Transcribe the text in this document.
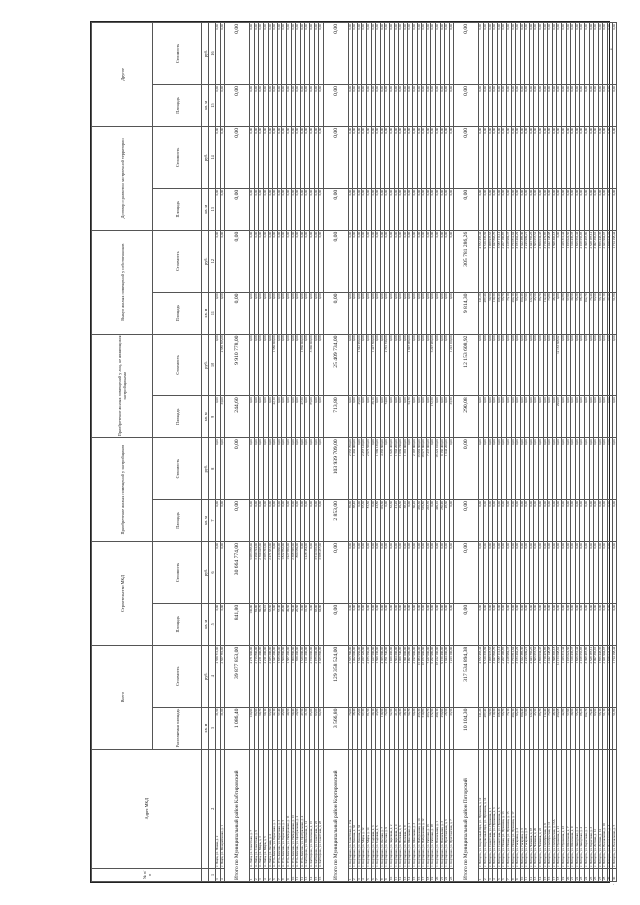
№ п/п	Адрес МКД	Всего		Строительство МКД		Приобретение жилых помещений у застройщиков		Приобретение жилых помещений у лиц, не являющихся застройщиками		Выкуп жилых помещений у собственников		Договор о развитии застроенной территории		Другое
		Расселяемая площадь	Стоимость	Площадь	Стоимость	Площадь	Стоимость	Площадь	Стоимость	Площадь	Стоимость	Площадь	Стоимость	Площадь	Стоимость
		кв. м	руб.	кв. м	руб.	кв. м	руб.	кв. м	руб.	кв. м	руб.	кв. м	руб.	кв. м	руб.
1	2	3	4	5	6	7	8	9	10	11	12	13	14	15	16
3	г. Пщёв, ул. Новая, д. 2	31,60	2 569 711,00	0,00	0,00	0,00	0,00	0,00	0,00	0,00	0,00	0,00	0,00	0,00	0,00
4	г. Пщёв, ул. Межрайонная, д. 1	31,00	2 567 781,00	0,00	0,00	0,00	0,00	33,00	2 686 565,00	0,00	0,00	0,00	0,00	0,00	0,00
Итого по Муниципальный район Кабтировский		1 086,40	39 877 853,00	841,80	30 664 774,00	0,00	0,00	244,60	9 910 778,00	0,00	0,00	0,00	0,00	0,00	0,00
1	п. Липа, ул. Советская, д. 7	130,90	4 271 900,00	130,90	5 083 858,00	0,00	0,00	0,00	0,00	0,00	0,00	0,00	0,00	0,00	0,00
2	п. Липа, ул. Советская, д. 9	84,90	2 716 800,00	84,90	3 299 724,00	0,00	0,00	0,00	0,00	0,00	0,00	0,00	0,00	0,00	0,00
3	п. Липа, ул. Мира, д. 3	69,70	2 231 200,00	69,70	2 709 028,00	0,00	0,00	0,00	0,00	0,00	0,00	0,00	0,00	0,00	0,00
4	п. Липа, ул. Мира, д. 5	69,10	2 211 200,00	69,10	2 685 701,00	0,00	0,00	0,00	0,00	0,00	0,00	0,00	0,00	0,00	0,00
5	п. Липа, ул. Лесная, д. 4	63,60	2 035 200,00	63,60	2 471 931,00	0,00	0,00	0,00	0,00	0,00	0,00	0,00	0,00	0,00	0,00
6	п. Усть-Кемчик, ул. Береговая, д. 1	42,10	1 347 200,00	0,00	0,00	0,00	0,00	42,10	1 580 000,00	0,00	0,00	0,00	0,00	0,00	0,00
7	п. Усть-Кемчик, ул. Береговая, д. 3	57,40	1 836 800,00	57,40	2 230 960,00	0,00	0,00	0,00	0,00	0,00	0,00	0,00	0,00	0,00	0,00
8	п. Усть-Кемчик, ул. Береговая, д. 5	46,90	1 500 800,00	46,90	1 822 862,00	0,00	0,00	0,00	0,00	0,00	0,00	0,00	0,00	0,00	0,00
9	п. Усть-Кемчик, ул. Набережная, д. 11	49,60	1 587 200,00	49,60	1 927 805,00	0,00	0,00	0,00	0,00	0,00	0,00	0,00	0,00	0,00	0,00
10	п. Усть-Кемчик, ул. Набережная, д. 13	59,40	1 900 800,00	59,40	2 308 696,00	0,00	0,00	0,00	0,00	0,00	0,00	0,00	0,00	0,00	0,00
11	п. Усть-Кемчик, ул. Центральная, д. 2	20,60	659 200,00	20,60	800 659,00	0,00	0,00	0,00	0,00	0,00	0,00	0,00	0,00	0,00	0,00
12	п. Усть-Кемчик, ул. Центральная, д. 4	47,50	1 520 000,00	0,00	0,00	0,00	0,00	47,50	1 860 000,00	0,00	0,00	0,00	0,00	0,00	0,00
13	п. Кабтирово, ул. Школьная, д. 14	31,60	1 011 200,00	31,60	1 228 184,00	0,00	0,00	0,00	0,00	0,00	0,00	0,00	0,00	0,00	0,00
14	п. Кабтирово, ул. Школьная, д. 16	85,00	2 720 000,00	0,00	0,00	0,00	0,00	85,00	3 300 000,00	0,00	0,00	0,00	0,00	0,00	0,00
15	п. Кабтирово, ул. Советская, д. 26	93,00	2 976 000,00	93,00	3 614 610,00	0,00	0,00	0,00	0,00	0,00	0,00	0,00	0,00	0,00	0,00
16	п. Кабтирово, ул. Советская, д. 28	94,90	3 036 800,00	94,90	3 688 457,00	0,00	0,00	0,00	0,00	0,00	0,00	0,00	0,00	0,00	0,00
Итого по Муниципальный район Кортировский		3 566,80	129 358 524,00	0,00	0,00	2 853,00	103 939 709,00	713,80	25 409 734,00	0,00	0,00	0,00	0,00	0,00	0,00
1	с. Кортирово, ул. Советская, д. 15а	70,00	2 555 700,00	0,00	0,00	70,00	2 555 700,00	0,00	0,00	0,00	0,00	0,00	0,00	0,00	0,00
2	с. Кортирово, ул. Ленина, д. 32	38,40	1 402 000,00	0,00	0,00	38,40	1 402 000,00	0,00	0,00	0,00	0,00	0,00	0,00	0,00	0,00
3	с. Кортирово, ул. Ленина, д. 34	45,00	1 642 950,00	0,00	0,00	0,00	0,00	45,00	1 642 950,00	0,00	0,00	0,00	0,00	0,00	0,00
4	с. Кортирово, ул. Мира, д. 12	67,30	2 457 120,00	0,00	0,00	67,30	2 457 120,00	0,00	0,00	0,00	0,00	0,00	0,00	0,00	0,00
5	с. Кортирово, ул. Мира, д. 14	81,50	2 975 560,00	0,00	0,00	81,50	2 975 560,00	0,00	0,00	0,00	0,00	0,00	0,00	0,00	0,00
6	с. Кортирово, ул. Садовая, д. 3	39,10	1 427 500,00	0,00	0,00	0,00	0,00	39,10	1 427 500,00	0,00	0,00	0,00	0,00	0,00	0,00
7	с. Кортирово, ул. Садовая, д. 5	43,80	1 599 130,00	0,00	0,00	43,80	1 599 130,00	0,00	0,00	0,00	0,00	0,00	0,00	0,00	0,00
8	с. Кортирово, ул. Лесная, д. 7	119,60	4 366 600,00	0,00	0,00	119,60	4 366 600,00	0,00	0,00	0,00	0,00	0,00	0,00	0,00	0,00
9	с. Кортирово, ул. Лесная, д. 9	74,00	2 701 740,00	0,00	0,00	0,00	0,00	74,00	2 701 740,00	0,00	0,00	0,00	0,00	0,00	0,00
10	с. Кортирово, ул. Заречная, д. 2	52,60	1 920 400,00	0,00	0,00	52,60	1 920 400,00	0,00	0,00	0,00	0,00	0,00	0,00	0,00	0,00
11	с. Кортирово, ул. Заречная, д. 4	41,20	1 504 200,00	0,00	0,00	41,20	1 504 200,00	0,00	0,00	0,00	0,00	0,00	0,00	0,00	0,00
12	с. Кортирово, ул. Полевая, д. 6	29,30	1 069 740,00	0,00	0,00	29,30	1 069 740,00	0,00	0,00	0,00	0,00	0,00	0,00	0,00	0,00
13	с. Кортирово, ул. Полевая, д. 8	38,10	1 391 000,00	0,00	0,00	38,10	1 391 000,00	0,00	0,00	0,00	0,00	0,00	0,00	0,00	0,00
14	с. Кортирово, ул. Школьная, д. 1	54,70	1 997 080,00	0,00	0,00	0,00	0,00	54,70	1 997 080,00	0,00	0,00	0,00	0,00	0,00	0,00
15	с. Кортирово, ул. Школьная, д. 3	60,20	2 197 900,00	0,00	0,00	60,20	2 197 900,00	0,00	0,00	0,00	0,00	0,00	0,00	0,00	0,00
16	с. Кортирово, ул. Набережная, д. 10	466,30	16 984 600,00	0,00	0,00	466,30	16 984 600,00	0,00	0,00	0,00	0,00	0,00	0,00	0,00	0,00
17	с. Кортирово, ул. Набережная, д. 12	519,80	18 977 900,00	0,00	0,00	519,80	18 977 900,00	0,00	0,00	0,00	0,00	0,00	0,00	0,00	0,00
18	с. Кортирово, ул. Рабочая, д. 16	203,70	7 437 000,00	0,00	0,00	203,70	7 437 000,00	0,00	0,00	0,00	0,00	0,00	0,00	0,00	0,00
19	с. Кортирово, ул. Рабочая, д. 18	172,50	6 297 980,00	0,00	0,00	0,00	0,00	172,50	6 297 980,00	0,00	0,00	0,00	0,00	0,00	0,00
20	с. Кортирово, ул. Вокзальная, д. 1	499,10	18 222 100,00	0,00	0,00	499,10	18 222 100,00	0,00	0,00	0,00	0,00	0,00	0,00	0,00	0,00
21	с. Кортирово, ул. Вокзальная, д. 3	250,90	9 160 400,00	0,00	0,00	250,90	9 160 400,00	0,00	0,00	0,00	0,00	0,00	0,00	0,00	0,00
22	с. Кортирово, ул. Пристанская, д. 5	28,60	1 044 200,00	0,00	0,00	28,60	1 044 200,00	0,00	0,00	0,00	0,00	0,00	0,00	0,00	0,00
23	с. Кортирово, ул. Пристанская, д. 7	33,50	1 223 100,00	0,00	0,00	0,00	0,00	33,50	1 223 100,00	0,00	0,00	0,00	0,00	0,00	0,00
Итого по Муниципальный район Пяторский		10 104,30	317 534 894,38	0,00	0,00	0,00	0,00	290,08	12 153 608,92	9 814,30	305 781 286,26	0,00	0,00	0,00	0,00
1	г. Пяторск, ул. Кирпичный Цех, ул. Пушкина, д. 12	141,20	4 672 465,44	0,00	0,00	0,00	0,00	0,00	0,00	141,20	4 672 465,44	0,00	0,00	0,00	0,00
2	г. Пяторск, ул. Кирпичный Цех, ул. Пушкина, д. 14	287,40	9 510 335,69	0,00	0,00	0,00	0,00	0,00	0,00	287,40	9 510 335,69	0,00	0,00	0,00	0,00
3	г. Пяторск, ул. Советская, ул. Пушкина, д. 1	59,50	1 968 937,63	0,00	0,00	0,00	0,00	0,00	0,00	59,50	1 968 937,63	0,00	0,00	0,00	0,00
4	г. Пяторск, ул. Советская, ул. Пушкина, д. 3	119,30	3 947 803,70	0,00	0,00	0,00	0,00	0,00	0,00	119,30	3 947 803,70	0,00	0,00	0,00	0,00
5	г. Пяторск, ул. Советская, ул. Пушкина, д. 5	108,40	3 587 111,14	0,00	0,00	0,00	0,00	0,00	0,00	108,40	3 587 111,14	0,00	0,00	0,00	0,00
6	г. Пяторск, ул. Новая, ул. Пушкина, д. 13	66,70	2 207 196,85	0,00	0,00	0,00	0,00	0,00	0,00	66,70	2 207 196,85	0,00	0,00	0,00	0,00
7	г. Пяторск, ул. Новая, ул. Пушкина, д. 15	73,10	2 418 984,37	0,00	0,00	0,00	0,00	0,00	0,00	73,10	2 418 984,37	0,00	0,00	0,00	0,00
8	г. Пяторск, ул. Новая, ул. Пушкина, д. 17	204,10	6 753 812,94	0,00	0,00	0,00	0,00	0,00	0,00	204,10	6 753 812,94	0,00	0,00	0,00	0,00
9	г. Пяторск, ул. Гагарина, д. 4	96,20	3 183 402,29	0,00	0,00	0,00	0,00	0,00	0,00	96,20	3 183 402,29	0,00	0,00	0,00	0,00
10	г. Пяторск, ул. Гагарина, д. 6	100,40	3 322 385,30	0,00	0,00	0,00	0,00	0,00	0,00	100,40	3 322 385,30	0,00	0,00	0,00	0,00
11	г. Пяторск, ул. Гагарина, д. 8	67,90	2 246 909,21	0,00	0,00	0,00	0,00	0,00	0,00	67,90	2 246 909,21	0,00	0,00	0,00	0,00
12	г. Пяторск, ул. Чапаева, д. 18	122,20	4 043 766,26	0,00	0,00	0,00	0,00	0,00	0,00	122,20	4 043 766,26	0,00	0,00	0,00	0,00
13	г. Пяторск, ул. Чапаева, д. 20	45,50	1 505 657,52	0,00	0,00	0,00	0,00	0,00	0,00	45,50	1 505 657,52	0,00	0,00	0,00	0,00
14	г. Пяторск, ул. Чапаева, д. 22	86,70	2 869 034,43	0,00	0,00	0,00	0,00	0,00	0,00	86,70	2 869 034,43	0,00	0,00	0,00	0,00
15	г. Пяторск, ул. Октябрьская, д. 9	112,40	3 719 472,86	0,00	0,00	0,00	0,00	0,00	0,00	112,40	3 719 472,86	0,00	0,00	0,00	0,00
16	г. Пяторск, ул. Октябрьская, д. 11	73,80	2 442 148,08	0,00	0,00	0,00	0,00	0,00	0,00	73,80	2 442 148,08	0,00	0,00	0,00	0,00
17	г. Пяторск, ул. Октябрьская, д. 13А	48,30	1 598 305,18	0,00	0,00	0,00	0,00	0,00	0,00	48,30	1 598 305,18	0,00	0,00	0,00	0,00
18	г. Пяторск, ул. Пушкина, д. 21	290,08	12 153 608,92	0,00	0,00	0,00	0,00	290,08	12 153 608,92	0,00	0,00	0,00	0,00	0,00	0,00
19	г. Пяторск, ул. Пушкина, д. 23	42,80	1 416 311,44	0,00	0,00	0,00	0,00	0,00	0,00	42,80	1 416 311,44	0,00	0,00	0,00	0,00
20	г. Пяторск, ул. Школьная, д. 7	57,90	1 916 022,50	0,00	0,00	0,00	0,00	0,00	0,00	57,90	1 916 022,50	0,00	0,00	0,00	0,00
21	г. Пяторск, ул. Школьная, д. 9	39,60	1 310 436,37	0,00	0,00	0,00	0,00	0,00	0,00	39,60	1 310 436,37	0,00	0,00	0,00	0,00
22	г. Пяторск, ул. Заводская, д. 2	55,20	1 826 661,44	0,00	0,00	0,00	0,00	0,00	0,00	55,20	1 826 661,44	0,00	0,00	0,00	0,00
23	г. Пяторск, ул. Заводская, д. 4	88,20	2 918 656,95	0,00	0,00	0,00	0,00	0,00	0,00	88,20	2 918 656,95	0,00	0,00	0,00	0,00
24	г. Пяторск, ул. Береговая, д. 1	102,70	3 398 497,80	0,00	0,00	0,00	0,00	0,00	0,00	102,70	3 398 497,80	0,00	0,00	0,00	0,00
25	г. Пяторск, ул. Береговая, д. 3	76,40	2 528 187,12	0,00	0,00	0,00	0,00	0,00	0,00	76,40	2 528 187,12	0,00	0,00	0,00	0,00
26	г. Пяторск, ул. Лесная, д. 12	93,60	3 097 366,91	0,00	0,00	0,00	0,00	0,00	0,00	93,60	3 097 366,91	0,00	0,00	0,00	0,00
27	г. Пяторск, ул. Лесная, д. 14	56,10	1 856 443,36	0,00	0,00	0,00	0,00	0,00	0,00	56,10	1 856 443,36	0,00	0,00	0,00	0,00
28	г. Пяторск, ул. Вокзальная, д. 1Б	61,10	2 021 904,07	0,00	0,00	0,00	0,00	0,00	0,00	61,10	2 021 904,07	0,00	0,00	0,00	0,00
29	г. Пяторск, ул. Вокзальная, д. 3	47,40	1 568 523,72	0,00	0,00	0,00	0,00	0,00	0,00	47,40	1 568 523,72	0,00	0,00	0,00	0,00
30	г. Пяторск, ул. Вокзальная, д. 5	51,80	1 714 168,44	0,00	0,00	0,00	0,00	0,00	0,00	51,80	1 714 168,44	0,00	0,00	0,00	0,00
•
·
